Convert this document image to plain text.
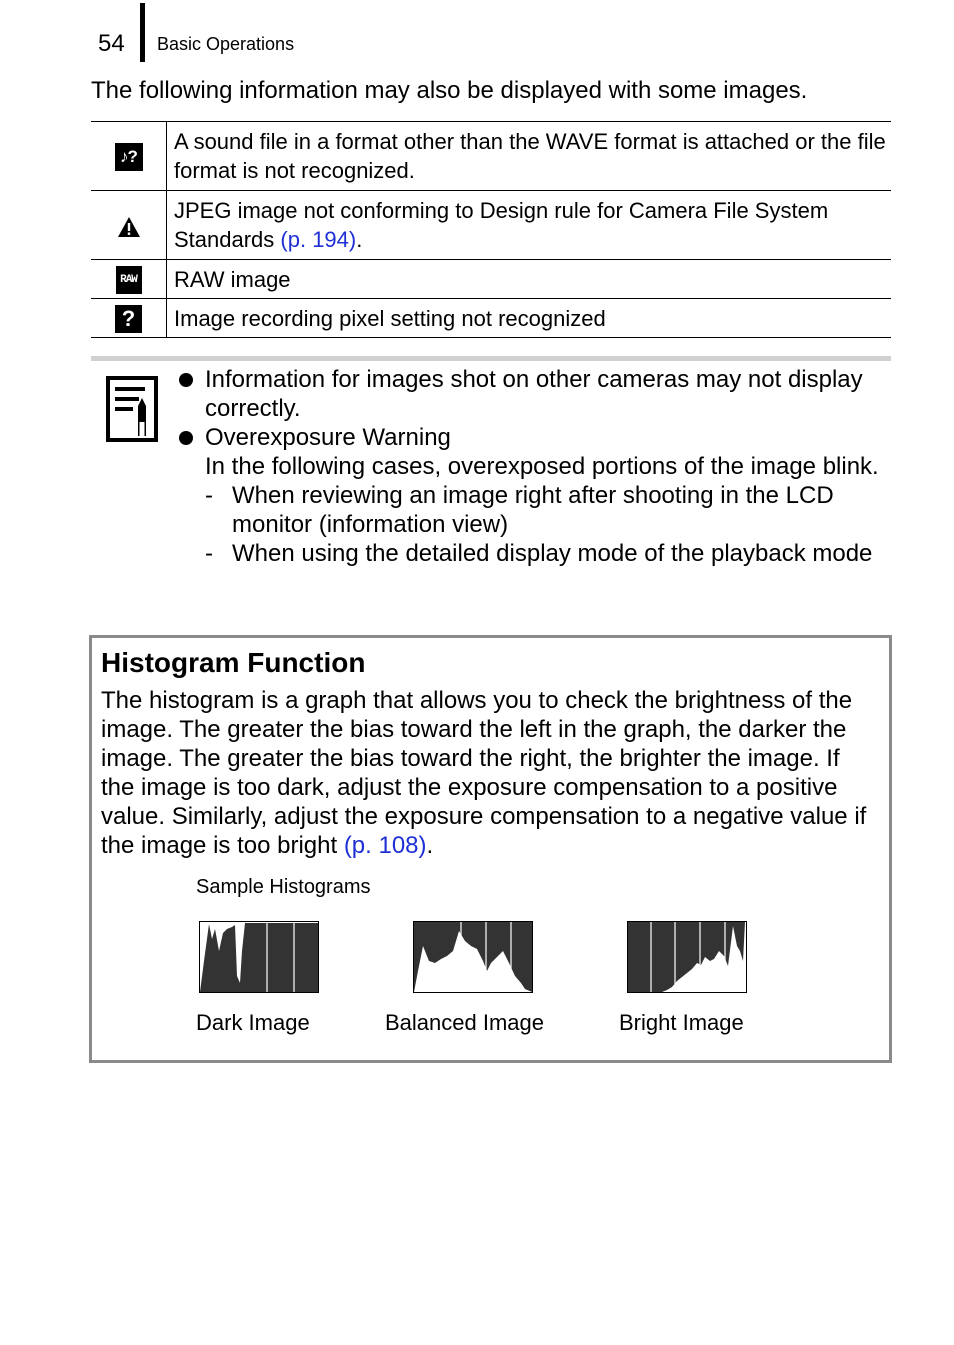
54 Basic Operations
The following information may also be displayed with some images.
♪?	A sound file in a format other than the WAVE format is attached or the file format is not recognized.
	JPEG image not conforming to Design rule for Camera File System Standards (p. 194).
RAW	RAW image
?	Image recording pixel setting not recognized
Information for images shot on other cameras may not display correctly.
Overexposure Warning
In the following cases, overexposed portions of the image blink.
- When reviewing an image right after shooting in the LCD monitor (information view)
- When using the detailed display mode of the playback mode
Histogram Function
The histogram is a graph that allows you to check the brightness of the image. The greater the bias toward the left in the graph, the darker the image. The greater the bias toward the right, the brighter the image. If the image is too dark, adjust the exposure compensation to a positive value. Similarly, adjust the exposure compensation to a negative value if the image is too bright (p. 108).
Sample Histograms
Dark Image	Balanced Image	Bright Image
